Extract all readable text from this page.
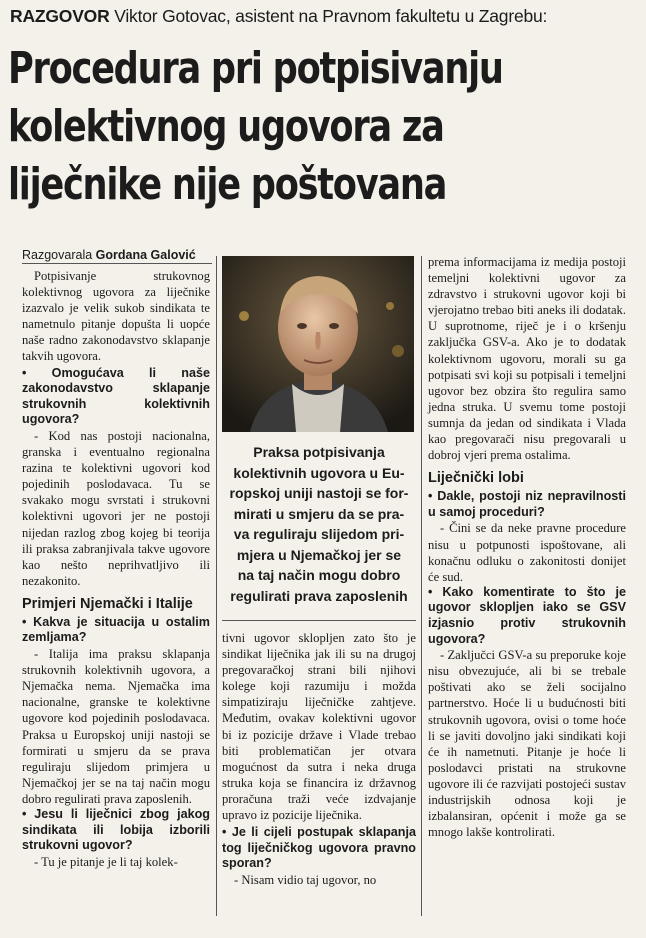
RAZGOVOR Viktor Gotovac, asistent na Pravnom fakultetu u Zagrebu:
Procedura pri potpisivanju
kolektivnog ugovora za
liječnike nije poštovana
Razgovarala Gordana Galović

Potpisivanje strukovnog kolektivnog ugovora za liječnike izazvalo je velik sukob sindikata te nametnulo pitanje dopušta li uopće naše radno zakonodavstvo sklapanje takvih ugovora.

• Omogućava li naše zakonodavstvo sklapanje strukovnih kolektivnih ugovora?

- Kod nas postoji nacionalna, granska i eventualno regionalna razina te kolektivni ugovori kod pojedinih poslodavaca. Tu se svakako mogu svrstati i strukovni kolektivni ugovori jer ne postoji nijedan razlog zbog kojeg bi teorija ili praksa zabranjivala takve ugovore kao nešto neprihvatljivo ili nezakonito.

Primjeri Njemački i Italije

• Kakva je situacija u ostalim zemljama?

- Italija ima praksu sklapanja strukovnih kolektivnih ugovora, a Njemačka nema. Njemačka ima nacionalne, granske te kolektivne ugovore kod pojedinih poslodavaca. Praksa u Europskoj uniji nastoji se formirati u smjeru da se prava reguliraju slijedom primjera u Njemačkoj jer se na taj način mogu dobro regulirati prava zaposlenih.

• Jesu li liječnici zbog jakog sindikata ili lobija izborili strukovni ugovor?

- Tu je pitanje je li taj kolek-

Praksa potpisivanja
kolektivnih ugovora u Eu-
ropskoj uniji nastoji se for-
mirati u smjeru da se pra-
va reguliraju slijedom pri-
mjera u Njemačkoj jer se
na taj način mogu dobro
regulirati prava zaposlenih

tivni ugovor sklopljen zato što je sindikat liječnika jak ili su na drugoj pregovaračkoj strani bili njihovi kolege koji razumiju i možda simpatiziraju liječničke zahtjeve. Međutim, ovakav kolektivni ugovor bi iz pozicije države i Vlade trebao biti problematičan jer otvara mogućnost da sutra i neka druga struka koja se financira iz državnog proračuna traži veće izdvajanje upravo iz pozicije liječnika.

• Je li cijeli postupak sklapanja tog liječničkog ugovora pravno sporan?

- Nisam vidio taj ugovor, no

prema informacijama iz medija postoji temeljni kolektivni ugovor za zdravstvo i strukovni ugovor koji bi vjerojatno trebao biti aneks ili dodatak. U suprotnome, riječ je i o kršenju zaključka GSV-a. Ako je to dodatak kolektivnom ugovoru, morali su ga potpisati svi koji su potpisali i temeljni ugovor bez obzira što regulira samo jedna struka. U svemu tome postoji sumnja da jedan od sindikata i Vlada kao pregovarači nisu pregovarali u dobroj vjeri prema ostalima.

Liječnički lobi

• Dakle, postoji niz nepravilnosti u samoj proceduri?

- Čini se da neke pravne procedure nisu u potpunosti ispoštovane, ali konačnu odluku o zakonitosti donijet će sud.

• Kako komentirate to što je ugovor sklopljen iako se GSV izjasnio protiv strukovnih ugovora?

- Zaključci GSV-a su preporuke koje nisu obvezujuće, ali bi se trebale poštivati ako se želi socijalno partnerstvo. Hoće li u budućnosti biti strukovnih ugovora, ovisi o tome hoće li se javiti dovoljno jaki sindikati koji će ih nametnuti. Pitanje je hoće li poslodavci pristati na strukovne ugovore ili će razvijati postojeći sustav industrijskih odnosa koji je izbalansiran, općenit i može ga se mnogo lakše kontrolirati.
